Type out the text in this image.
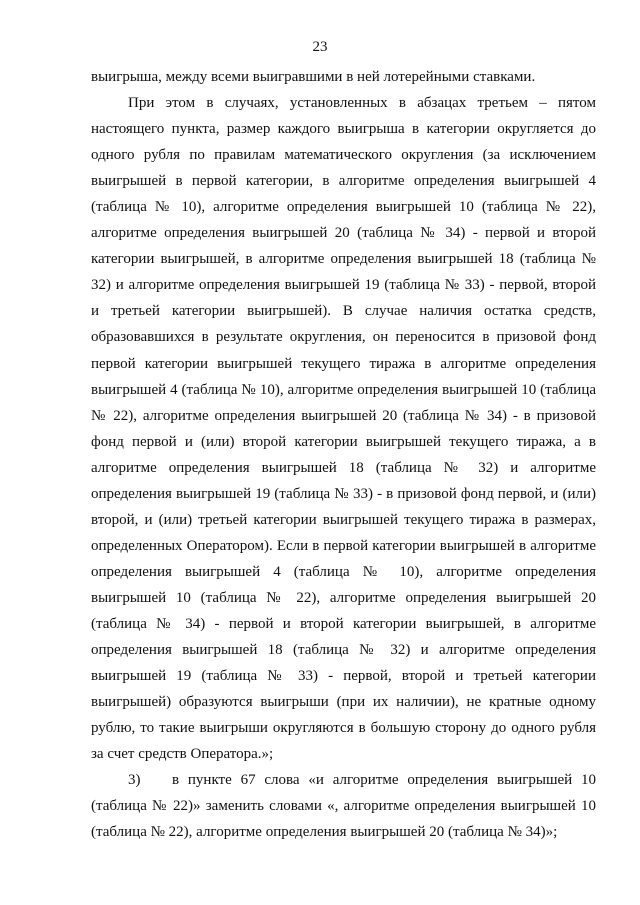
23

выигрыша, между всеми выигравшими в ней лотерейными ставками.

При этом в случаях, установленных в абзацах третьем – пятом настоящего пункта, размер каждого выигрыша в категории округляется до одного рубля по правилам математического округления (за исключением выигрышей в первой категории, в алгоритме определения выигрышей 4 (таблица № 10), алгоритме определения выигрышей 10 (таблица № 22), алгоритме определения выигрышей 20 (таблица № 34) - первой и второй категории выигрышей, в алгоритме определения выигрышей 18 (таблица № 32) и алгоритме определения выигрышей 19 (таблица № 33) - первой, второй и третьей категории выигрышей). В случае наличия остатка средств, образовавшихся в результате округления, он переносится в призовой фонд первой категории выигрышей текущего тиража в алгоритме определения выигрышей 4 (таблица № 10), алгоритме определения выигрышей 10 (таблица № 22), алгоритме определения выигрышей 20 (таблица № 34) - в призовой фонд первой и (или) второй категории выигрышей текущего тиража, а в алгоритме определения выигрышей 18 (таблица № 32) и алгоритме определения выигрышей 19 (таблица № 33) - в призовой фонд первой, и (или) второй, и (или) третьей категории выигрышей текущего тиража в размерах, определенных Оператором). Если в первой категории выигрышей в алгоритме определения выигрышей 4 (таблица № 10), алгоритме определения выигрышей 10 (таблица № 22), алгоритме определения выигрышей 20 (таблица № 34) - первой и второй категории выигрышей, в алгоритме определения выигрышей 18 (таблица № 32) и алгоритме определения выигрышей 19 (таблица № 33) - первой, второй и третьей категории выигрышей) образуются выигрыши (при их наличии), не кратные одному рублю, то такие выигрыши округляются в большую сторону до одного рубля за счет средств Оператора.»;

3) в пункте 67 слова «и алгоритме определения выигрышей 10 (таблица № 22)» заменить словами «, алгоритме определения выигрышей 10 (таблица № 22), алгоритме определения выигрышей 20 (таблица № 34)»;
